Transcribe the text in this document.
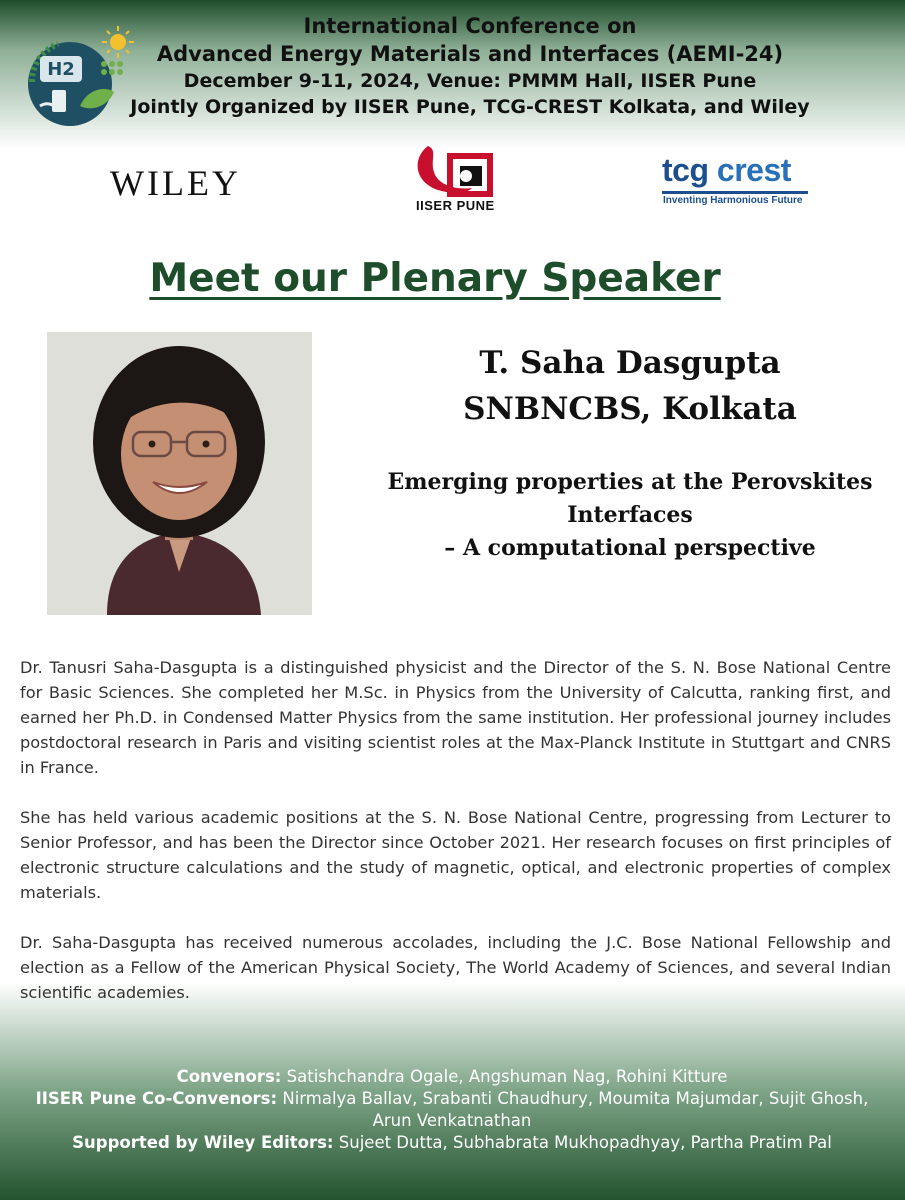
H2
International Conference on
Advanced Energy Materials and Interfaces (AEMI-24)
December 9-11, 2024, Venue: PMMM Hall, IISER Pune
Jointly Organized by IISER Pune, TCG-CREST Kolkata, and Wiley
WILEY
IISER PUNE
tcg crest
Inventing Harmonious Future
Meet our Plenary Speaker
T. Saha Dasgupta
SNBNCBS, Kolkata
Emerging properties at the Perovskites
Interfaces
– A computational perspective

Dr. Tanusri Saha-Dasgupta is a distinguished physicist and the Director of the S. N. Bose National Centre for Basic Sciences. She completed her M.Sc. in Physics from the University of Calcutta, ranking first, and earned her Ph.D. in Condensed Matter Physics from the same institution. Her professional journey includes postdoctoral research in Paris and visiting scientist roles at the Max-Planck Institute in Stuttgart and CNRS in France.

She has held various academic positions at the S. N. Bose National Centre, progressing from Lecturer to Senior Professor, and has been the Director since October 2021. Her research focuses on first principles of electronic structure calculations and the study of magnetic, optical, and electronic properties of complex materials.

Dr. Saha-Dasgupta has received numerous accolades, including the J.C. Bose National Fellowship and election as a Fellow of the American Physical Society, The World Academy of Sciences, and several Indian scientific academies.

Convenors: Satishchandra Ogale, Angshuman Nag, Rohini Kitture
IISER Pune Co-Convenors: Nirmalya Ballav, Srabanti Chaudhury, Moumita Majumdar, Sujit Ghosh, Arun Venkatnathan
Supported by Wiley Editors: Sujeet Dutta, Subhabrata Mukhopadhyay, Partha Pratim Pal
